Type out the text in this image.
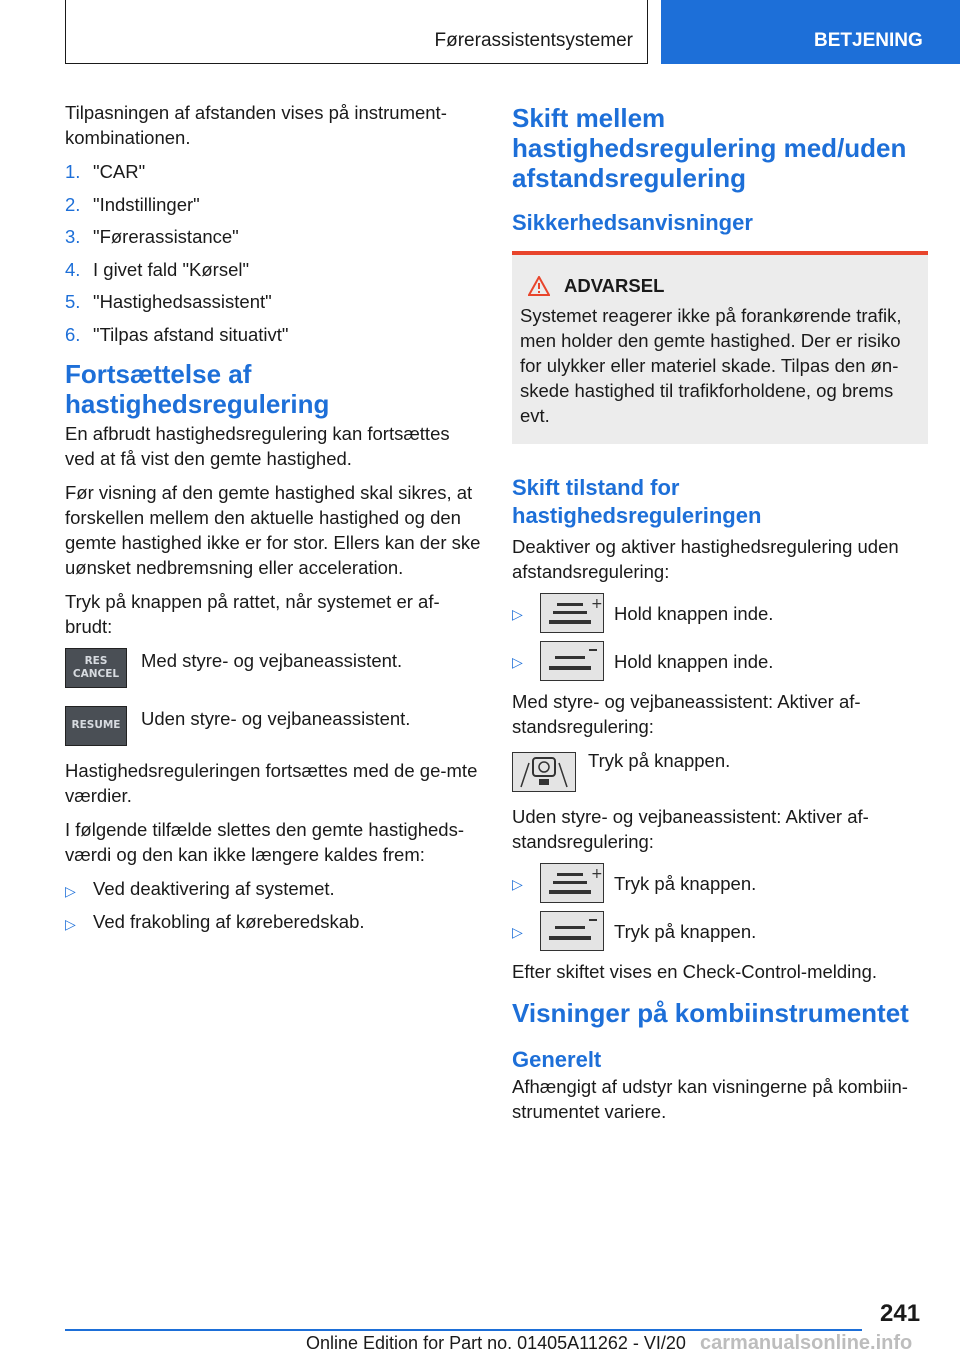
Førerassistentsystemer	BETJENING

Tilpasningen af afstanden vises på instrument-kombinationen.

1. "CAR"
2. "Indstillinger"
3. "Førerassistance"
4. I givet fald "Kørsel"
5. "Hastighedsassistent"
6. "Tilpas afstand situativt"
Fortsættelse af hastighedsregulering

En afbrudt hastighedsregulering kan fortsættes ved at få vist den gemte hastighed.

Før visning af den gemte hastighed skal sikres, at forskellen mellem den aktuelle hastighed og den gemte hastighed ikke er for stor. Ellers kan der ske uønsket nedbremsning eller acceleration.

Tryk på knappen på rattet, når systemet er af-brudt:

RES
CANCEL
Med styre- og vejbaneassistent.
RESUME Uden styre- og vejbaneassistent.

Hastighedsreguleringen fortsættes med de ge-mte værdier.

I følgende tilfælde slettes den gemte hastigheds-værdi og den kan ikke længere kaldes frem:

▷ Ved deaktivering af systemet.
▷ Ved frakobling af køreberedskab.
Skift mellem hastighedsregulering med/uden afstandsregulering
Sikkerhedsanvisninger
ADVARSEL

Systemet reagerer ikke på forankørende trafik, men holder den gemte hastighed. Der er risiko for ulykker eller materiel skade. Tilpas den øn-skede hastighed til trafikforholdene, og brems evt.

Skift tilstand for hastighedsreguleringen

Deaktiver og aktiver hastighedsregulering uden afstandsregulering:

▷
+ Hold knappen inde.
▷	Hold knappen inde.

Med styre- og vejbaneassistent: Aktiver af-standsregulering:

Tryk på knappen.

Uden styre- og vejbaneassistent: Aktiver af-standsregulering:

▷
+ Tryk på knappen.
▷	Tryk på knappen.

Efter skiftet vises en Check-Control-melding.

Visninger på kombiinstrumentet
Generelt

Afhængigt af udstyr kan visningerne på kombiin-strumentet variere.

241
Online Edition for Part no. 01405A11262 - VI/20 carmanualsonline.info
